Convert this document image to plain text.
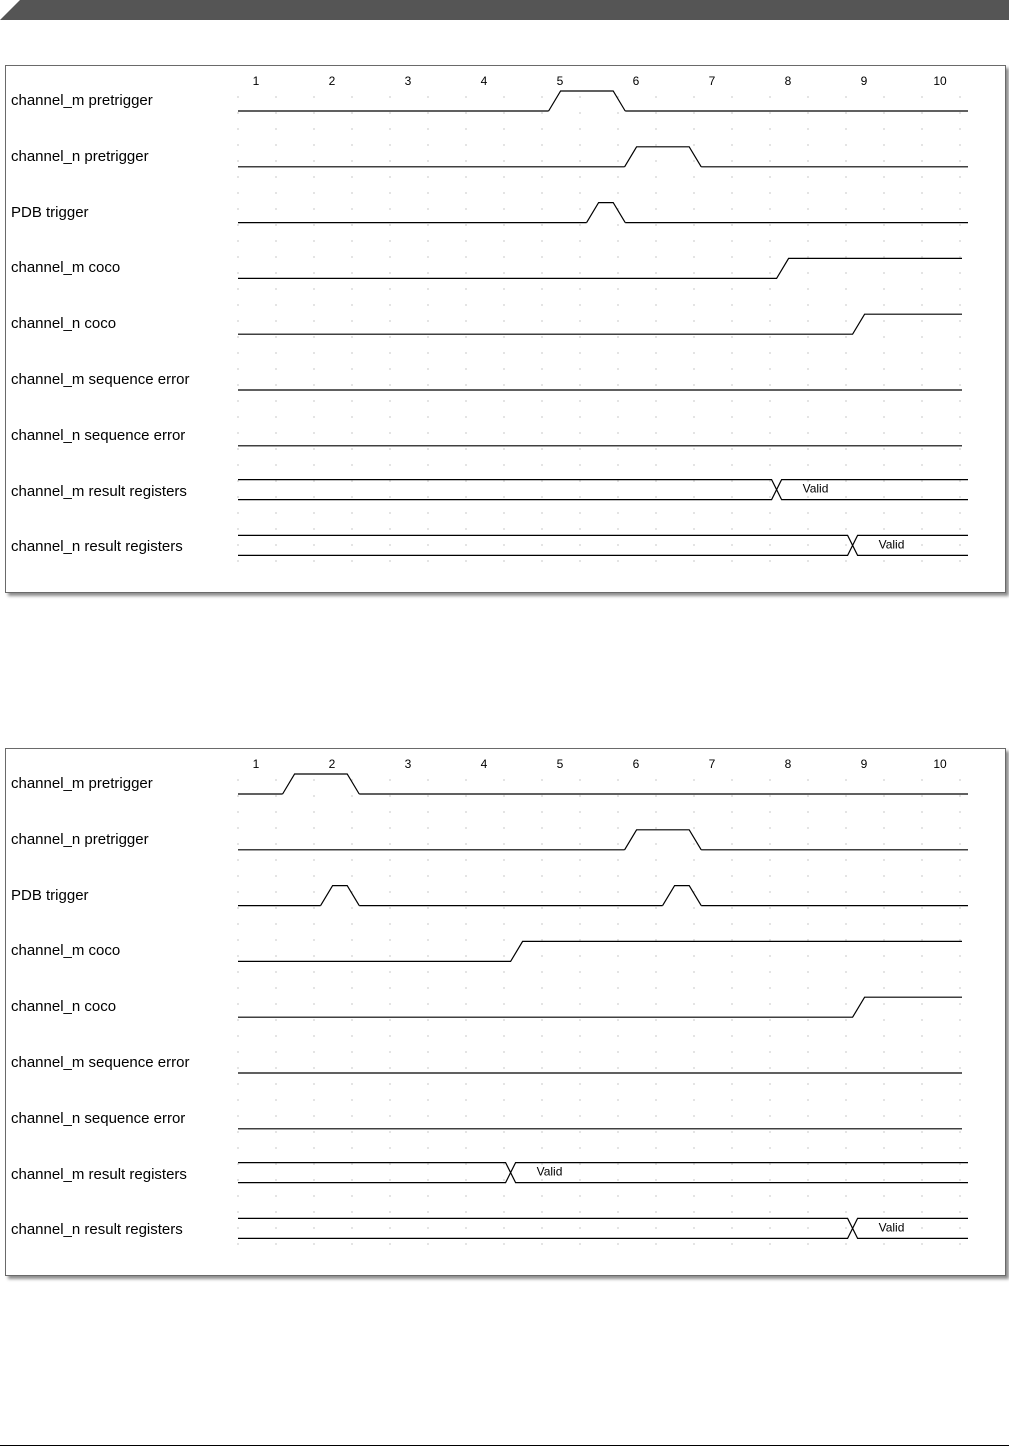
1	2	3	4	5	6	7	8	9	10
Valid
Valid
channel_m pretrigger
channel_n pretrigger
PDB trigger
channel_m coco
channel_n coco
channel_m sequence error
channel_n sequence error
channel_m result registers
channel_n result registers
1	2	3	4	5	6	7	8	9	10
Valid
Valid
channel_m pretrigger
channel_n pretrigger
PDB trigger
channel_m coco
channel_n coco
channel_m sequence error
channel_n sequence error
channel_m result registers
channel_n result registers
